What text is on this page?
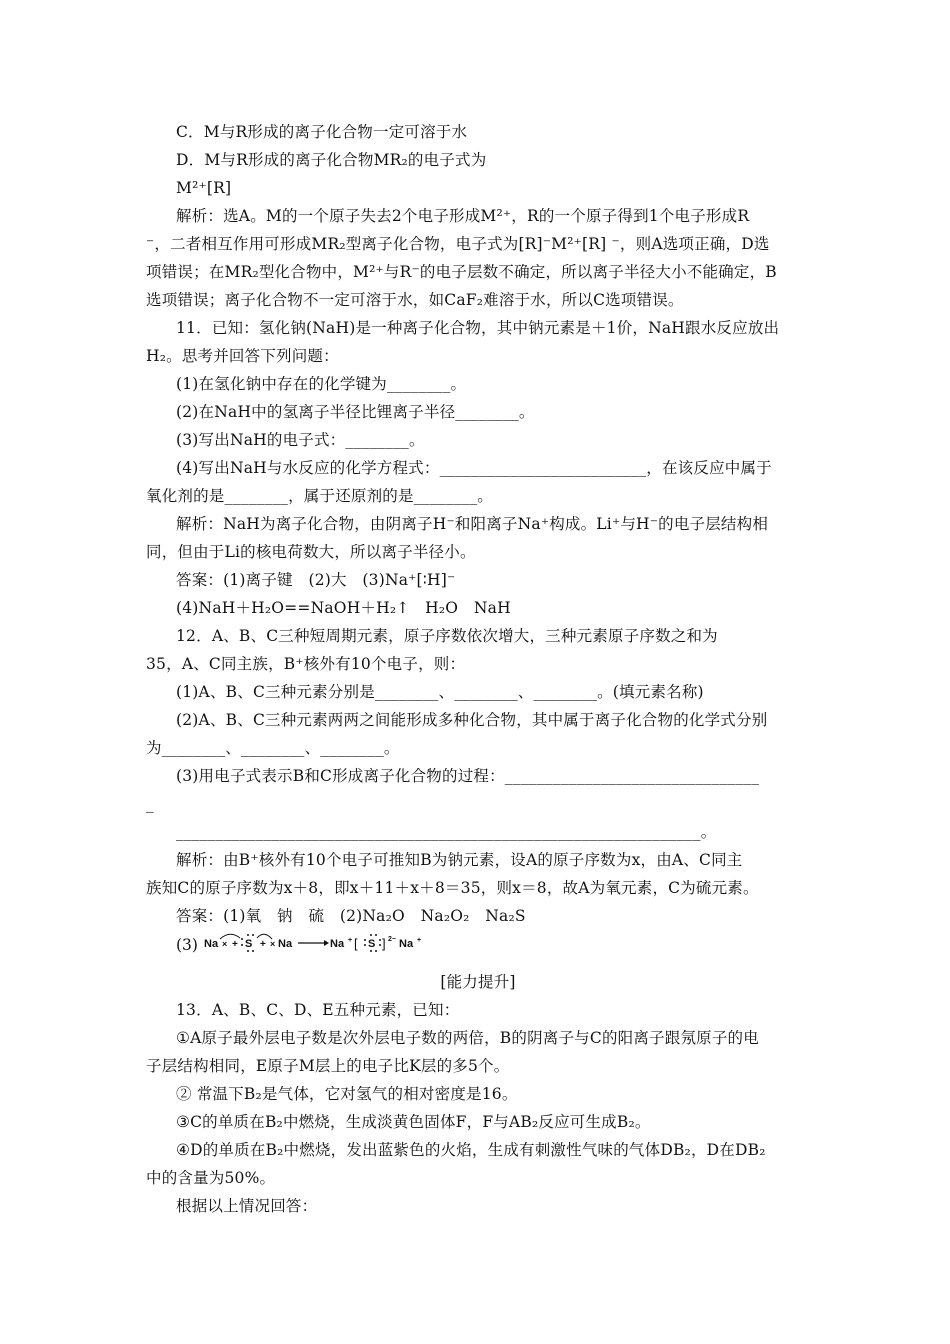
C．M与R形成的离子化合物一定可溶于水
D．M与R形成的离子化合物MR₂的电子式为
M²⁺[R]
解析：选A。M的一个原子失去2个电子形成M²⁺，R的一个原子得到1个电子形成R
⁻，二者相互作用可形成MR₂型离子化合物，电子式为[R]⁻M²⁺[R] ⁻，则A选项正确，D选
项错误；在MR₂型化合物中，M²⁺与R⁻的电子层数不确定，所以离子半径大小不能确定，B
选项错误；离子化合物不一定可溶于水，如CaF₂难溶于水，所以C选项错误。
11．已知：氢化钠(NaH)是一种离子化合物，其中钠元素是＋1价，NaH跟水反应放出
H₂。思考并回答下列问题：
(1)在氢化钠中存在的化学键为________。
(2)在NaH中的氢离子半径比锂离子半径________。
(3)写出NaH的电子式：________。
(4)写出NaH与水反应的化学方程式：__________________________，在该反应中属于
氧化剂的是________，属于还原剂的是________。
解析：NaH为离子化合物，由阴离子H⁻和阳离子Na⁺构成。Li⁺与H⁻的电子层结构相
同，但由于Li的核电荷数大，所以离子半径小。
答案：(1)离子键　(2)大　(3)Na⁺[∶H]⁻
(4)NaH＋H₂O==NaOH＋H₂↑　H₂O　NaH
12．A、B、C三种短周期元素，原子序数依次增大，三种元素原子序数之和为
35，A、C同主族，B⁺核外有10个电子，则：
(1)A、B、C三种元素分别是________、________、________。(填元素名称)
(2)A、B、C三种元素两两之间能形成多种化合物，其中属于离子化合物的化学式分别
为________、________、________。
(3)用电子式表示B和C形成离子化合物的过程：________________________________
_
__________________________________________________________________。
解析：由B⁺核外有10个电子可推知B为钠元素，设A的原子序数为x，由A、C同主
族知C的原子序数为x＋8，即x＋11＋x＋8＝35，则x＝8，故A为氧元素，C为硫元素。
答案：(1)氧　钠　硫　(2)Na₂O　Na₂O₂　Na₂S
(3) Na × + S + × Na	Na + [ S ] 2− Na +
[能力提升]
13．A、B、C、D、E五种元素，已知：
①A原子最外层电子数是次外层电子数的两倍，B的阴离子与C的阳离子跟氖原子的电
子层结构相同，E原子M层上的电子比K层的多5个。
② 常温下B₂是气体，它对氢气的相对密度是16。
③C的单质在B₂中燃烧，生成淡黄色固体F，F与AB₂反应可生成B₂。
④D的单质在B₂中燃烧，发出蓝紫色的火焰，生成有刺激性气味的气体DB₂，D在DB₂
中的含量为50%。
根据以上情况回答：
